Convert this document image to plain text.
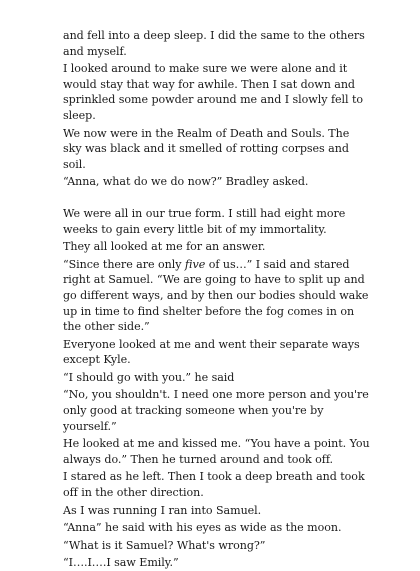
and fell into a deep sleep. I did the same to the others and myself.

I looked around to make sure we were alone and it would stay that way for awhile. Then I sat down and sprinkled some powder around me and I slowly fell to sleep.

We now were in the Realm of Death and Souls. The sky was black and it smelled of rotting corpses and soil.

“Anna, what do we do now?” Bradley asked.

We were all in our true form. I still had eight more weeks to gain every little bit of my immortality.

They all looked at me for an answer.

“Since there are only five of us…” I said and stared right at Samuel. “We are going to have to split up and go different ways, and by then our bodies should wake up in time to find shelter before the fog comes in on the other side.”

Everyone looked at me and went their separate ways except Kyle.

“I should go with you.” he said

“No, you shouldn't. I need one more person and you're only good at tracking someone when you're by yourself.”

He looked at me and kissed me. “You have a point. You always do.” Then he turned around and took off.

I stared as he left. Then I took a deep breath and took off in the other direction.

As I was running I ran into Samuel.

“Anna” he said with his eyes as wide as the moon.

“What is it Samuel? What's wrong?”

“I….I….I saw Emily.”
